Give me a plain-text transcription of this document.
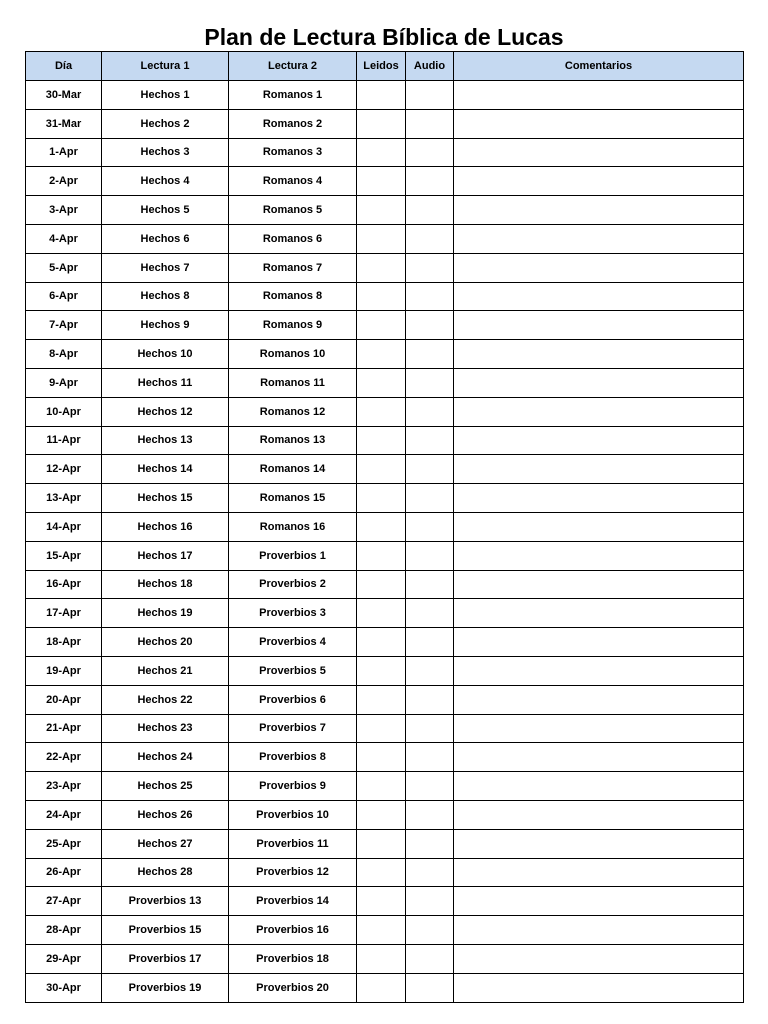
Plan de Lectura Bíblica de Lucas
Día	Lectura 1	Lectura 2	Leidos	Audio	Comentarios
30-Mar	Hechos 1	Romanos 1			
31-Mar	Hechos 2	Romanos 2			
1-Apr	Hechos 3	Romanos 3			
2-Apr	Hechos 4	Romanos 4			
3-Apr	Hechos 5	Romanos 5			
4-Apr	Hechos 6	Romanos 6			
5-Apr	Hechos 7	Romanos 7			
6-Apr	Hechos 8	Romanos 8			
7-Apr	Hechos 9	Romanos 9			
8-Apr	Hechos 10	Romanos 10			
9-Apr	Hechos 11	Romanos 11			
10-Apr	Hechos 12	Romanos 12			
11-Apr	Hechos 13	Romanos 13			
12-Apr	Hechos 14	Romanos 14			
13-Apr	Hechos 15	Romanos 15			
14-Apr	Hechos 16	Romanos 16			
15-Apr	Hechos 17	Proverbios 1			
16-Apr	Hechos 18	Proverbios 2			
17-Apr	Hechos 19	Proverbios 3			
18-Apr	Hechos 20	Proverbios 4			
19-Apr	Hechos 21	Proverbios 5			
20-Apr	Hechos 22	Proverbios 6			
21-Apr	Hechos 23	Proverbios 7			
22-Apr	Hechos 24	Proverbios 8			
23-Apr	Hechos 25	Proverbios 9			
24-Apr	Hechos 26	Proverbios 10			
25-Apr	Hechos 27	Proverbios 11			
26-Apr	Hechos 28	Proverbios 12			
27-Apr	Proverbios 13	Proverbios 14			
28-Apr	Proverbios 15	Proverbios 16			
29-Apr	Proverbios 17	Proverbios 18			
30-Apr	Proverbios 19	Proverbios 20			
